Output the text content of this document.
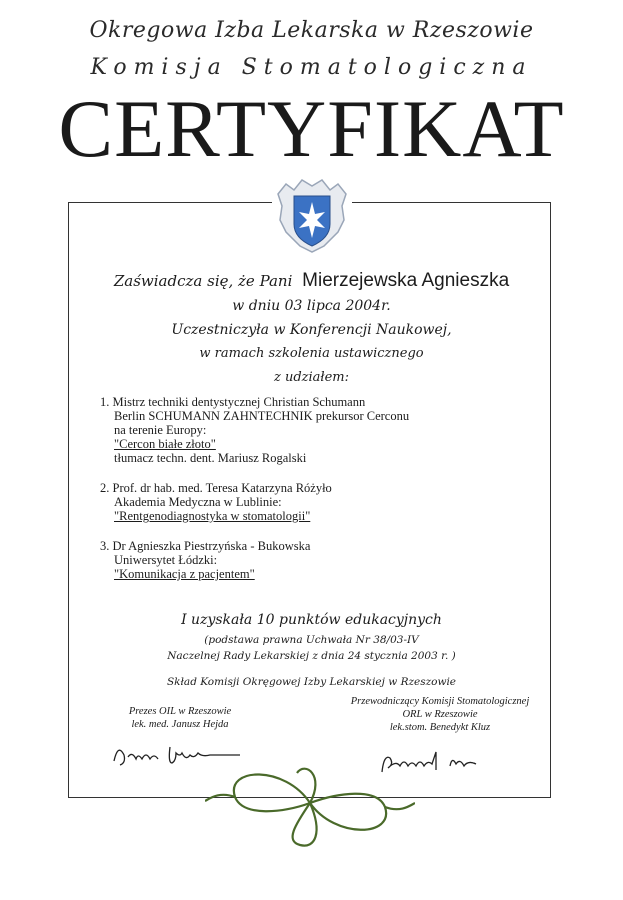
Okregowa Izba Lekarska w Rzeszowie
Komisja Stomatologiczna
CERTYFIKAT
Zaświadcza się, że Pani Mierzejewska Agnieszka
w dniu 03 lipca 2004r.
Uczestniczyła w Konferencji Naukowej,
w ramach szkolenia ustawicznego
z udziałem:
1. Mistrz techniki dentystycznej Christian Schumann
Berlin SCHUMANN ZAHNTECHNIK prekursor Cerconu
na terenie Europy:
"Cercon białe złoto"
tłumacz techn. dent. Mariusz Rogalski
2. Prof. dr hab. med. Teresa Katarzyna Różyło
Akademia Medyczna w Lublinie:
"Rentgenodiagnostyka w stomatologii"
3. Dr Agnieszka Piestrzyńska - Bukowska
Uniwersytet Łódzki:
"Komunikacja z pacjentem"
I uzyskała 10 punktów edukacyjnych
(podstawa prawna Uchwała Nr 38/03-IV
Naczelnej Rady Lekarskiej z dnia 24 stycznia 2003 r. )
Skład Komisji Okręgowej Izby Lekarskiej w Rzeszowie
Prezes OIL w Rzeszowie
lek. med. Janusz Hejda
Przewodniczący Komisji Stomatologicznej
ORL w Rzeszowie
lek.stom. Benedykt Kluz
